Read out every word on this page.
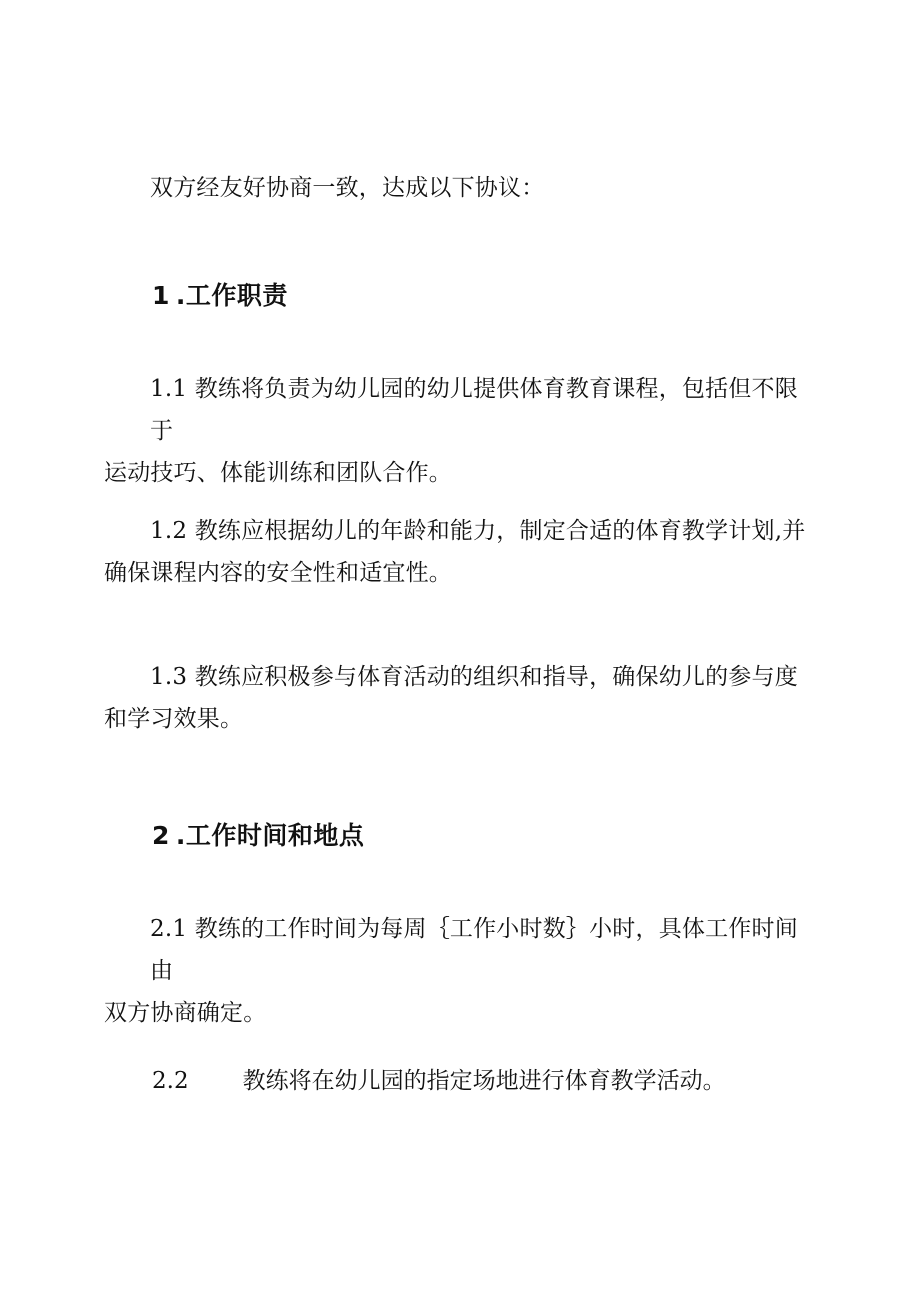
双方经友好协商一致，达成以下协议：

1 .工作职责

1.1 教练将负责为幼儿园的幼儿提供体育教育课程，包括但不限于
运动技巧、体能训练和团队合作。

1.2 教练应根据幼儿的年龄和能力，制定合适的体育教学计划,并
确保课程内容的安全性和适宜性。

1.3 教练应积极参与体育活动的组织和指导，确保幼儿的参与度
和学习效果。

2 .工作时间和地点

2.1 教练的工作时间为每周｛工作小时数｝小时，具体工作时间由
双方协商确定。

2.2 教练将在幼儿园的指定场地进行体育教学活动。
